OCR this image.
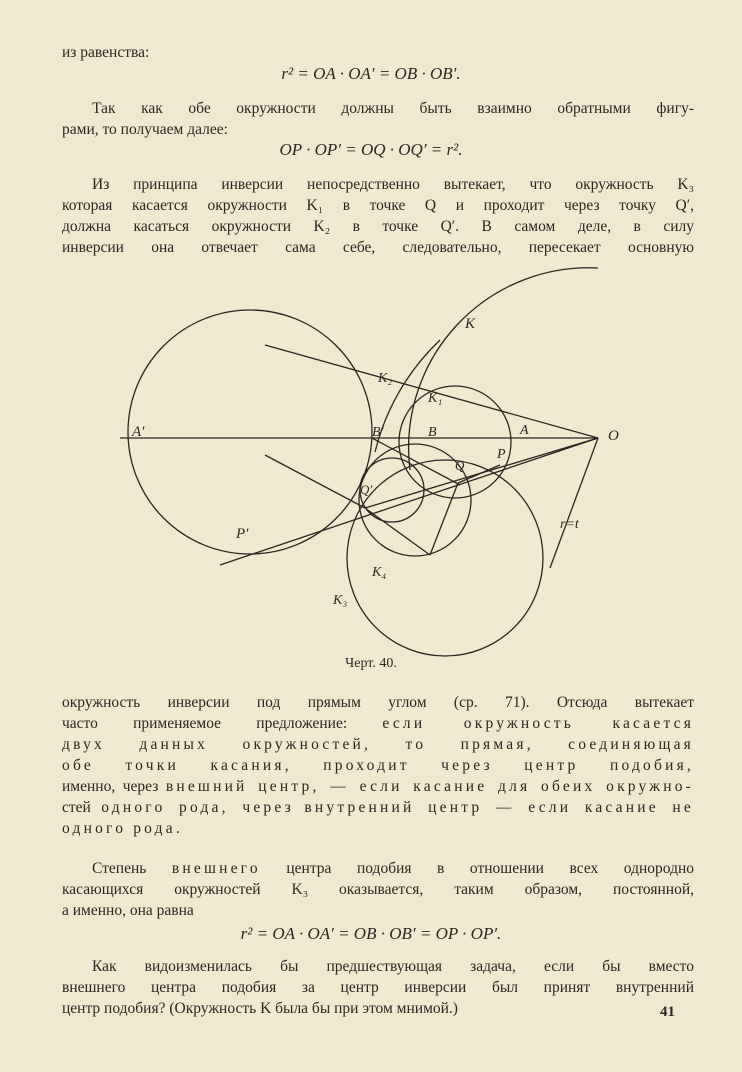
из равенства:
r² = OA · OA′ = OB · OB′.
Так как обе окружности должны быть взаимно обратными фигу-
рами, то получаем далее:
OP · OP′ = OQ · OQ′ = r².
Из принципа инверсии непосредственно вытекает, что окружность K₃
которая касается окружности K₁ в точке Q и проходит через точку Q′,
должна касаться окружности K₂ в точке Q′. В самом деле, в силу
инверсии она отвечает сама себе, следовательно, пересекает основную
A′	B′	B	A	O
K
K₂
K₁
P
Q
Q′
P′
r=t
K₄
K₃
Черт. 40.
окружность инверсии под прямым углом (ср. 71). Отсюда вытекает
часто применяемое предложение: если окружность касается
двух данных окружностей, то прямая, соединяющая
обе точки касания, проходит через центр подобия,
именно, через внешний центр, — если касание для обеих окружно-
стей одного рода, через внутренний центр — если касание не
одного рода.
Степень внешнего центра подобия в отношении всех однородно
касающихся окружностей K₃ оказывается, таким образом, постоянной,
а именно, она равна
r² = OA · OA′ = OB · OB′ = OP · OP′.
Как видоизменилась бы предшествующая задача, если бы вместо
внешнего центра подобия за центр инверсии был принят внутренний
центр подобия? (Окружность K была бы при этом мнимой.)	41
